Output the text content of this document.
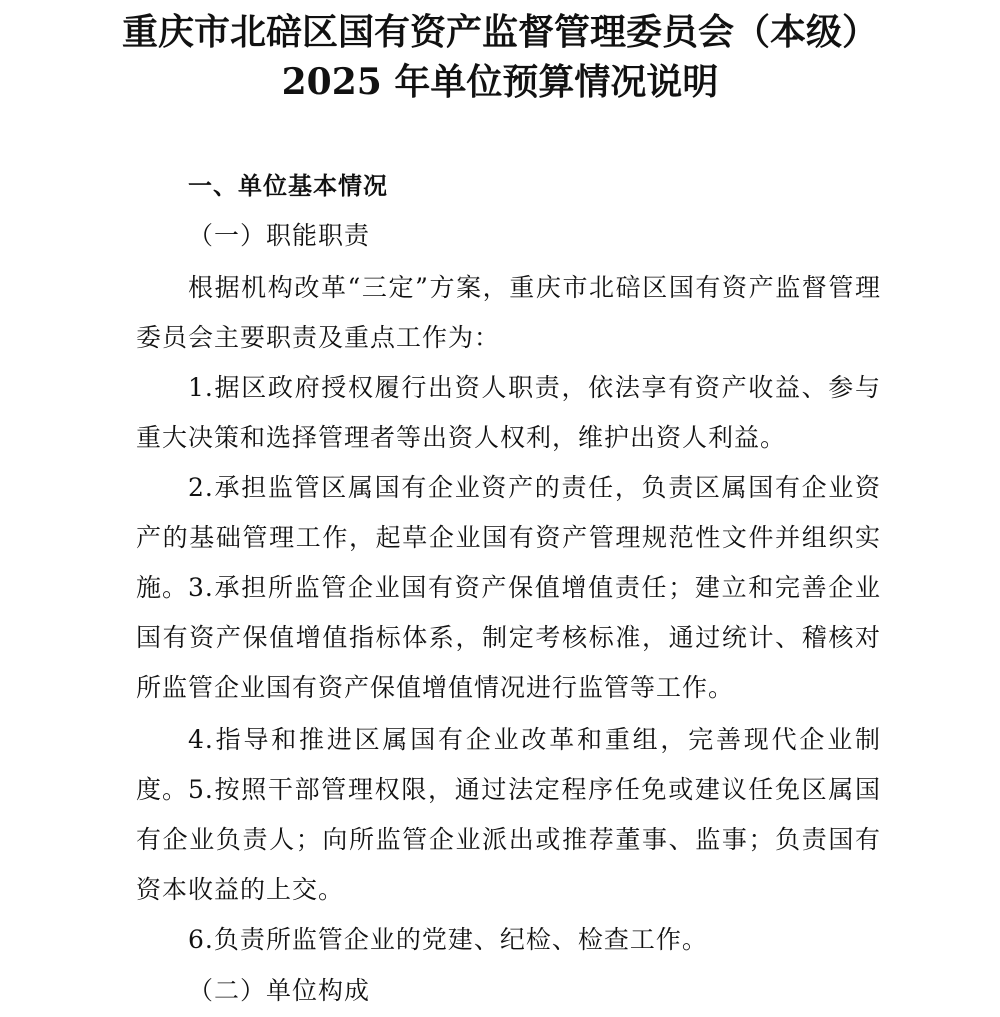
重庆市北碚区国有资产监督管理委员会（本级）
2025 年单位预算情况说明

一、单位基本情况

（一）职能职责

根据机构改革“三定”方案，重庆市北碚区国有资产监督管理委员会主要职责及重点工作为：

1.据区政府授权履行出资人职责，依法享有资产收益、参与重大决策和选择管理者等出资人权利，维护出资人利益。

2.承担监管区属国有企业资产的责任，负责区属国有企业资产的基础管理工作，起草企业国有资产管理规范性文件并组织实施。 3.承担所监管企业国有资产保值增值责任；建立和完善企业国有资产保值增值指标体系，制定考核标准，通过统计、稽核对所监管企业国有资产保值增值情况进行监管等工作。

4.指导和推进区属国有企业改革和重组，完善现代企业制度。 5.按照干部管理权限，通过法定程序任免或建议任免区属国有企业负责人；向所监管企业派出或推荐董事、监事；负责国有资本收益的上交。

6.负责所监管企业的党建、纪检、检查工作。

（二）单位构成
